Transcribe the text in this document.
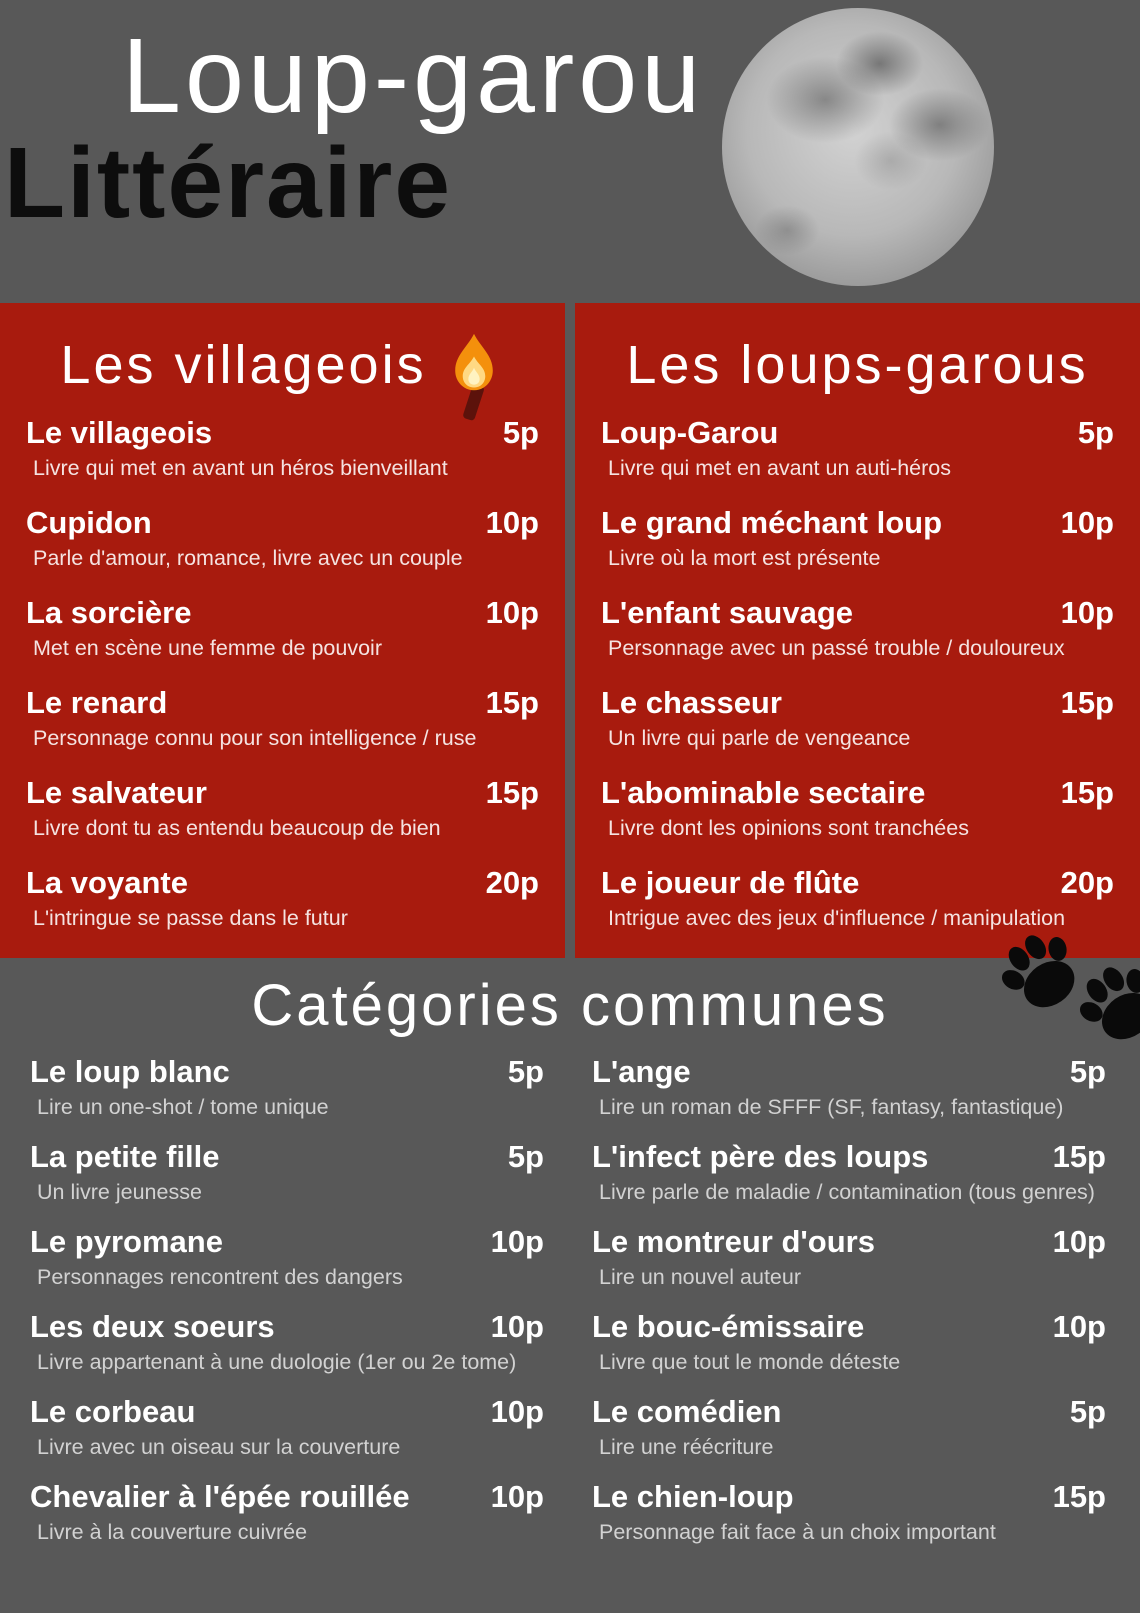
Loup-garou
Littéraire
Les villageois
Le villageois	5p
Livre qui met en avant un héros bienveillant
Cupidon	10p
Parle d'amour, romance, livre avec un couple
La sorcière	10p
Met en scène une femme de pouvoir
Le renard	15p
Personnage connu pour son intelligence / ruse
Le salvateur	15p
Livre dont tu as entendu beaucoup de bien
La voyante	20p
L'intringue se passe dans le futur
Les loups-garous
Loup-Garou	5p
Livre qui met en avant un auti-héros
Le grand méchant loup	10p
Livre où la mort est présente
L'enfant sauvage	10p
Personnage avec un passé trouble / douloureux
Le chasseur	15p
Un livre qui parle de vengeance
L'abominable sectaire	15p
Livre dont les opinions sont tranchées
Le joueur de flûte	20p
Intrigue avec des jeux d'influence / manipulation
Catégories communes
Le loup blanc	5p
Lire un one-shot / tome unique
La petite fille	5p
Un livre jeunesse
Le pyromane	10p
Personnages rencontrent des dangers
Les deux soeurs	10p
Livre appartenant à une duologie (1er ou 2e tome)
Le corbeau	10p
Livre avec un oiseau sur la couverture
Chevalier à l'épée rouillée	10p
Livre à la couverture cuivrée
L'ange	5p
Lire un roman de SFFF (SF, fantasy, fantastique)
L'infect père des loups	15p
Livre parle de maladie / contamination (tous genres)
Le montreur d'ours	10p
Lire un nouvel auteur
Le bouc-émissaire	10p
Livre que tout le monde déteste
Le comédien	5p
Lire une réécriture
Le chien-loup	15p
Personnage fait face à un choix important
